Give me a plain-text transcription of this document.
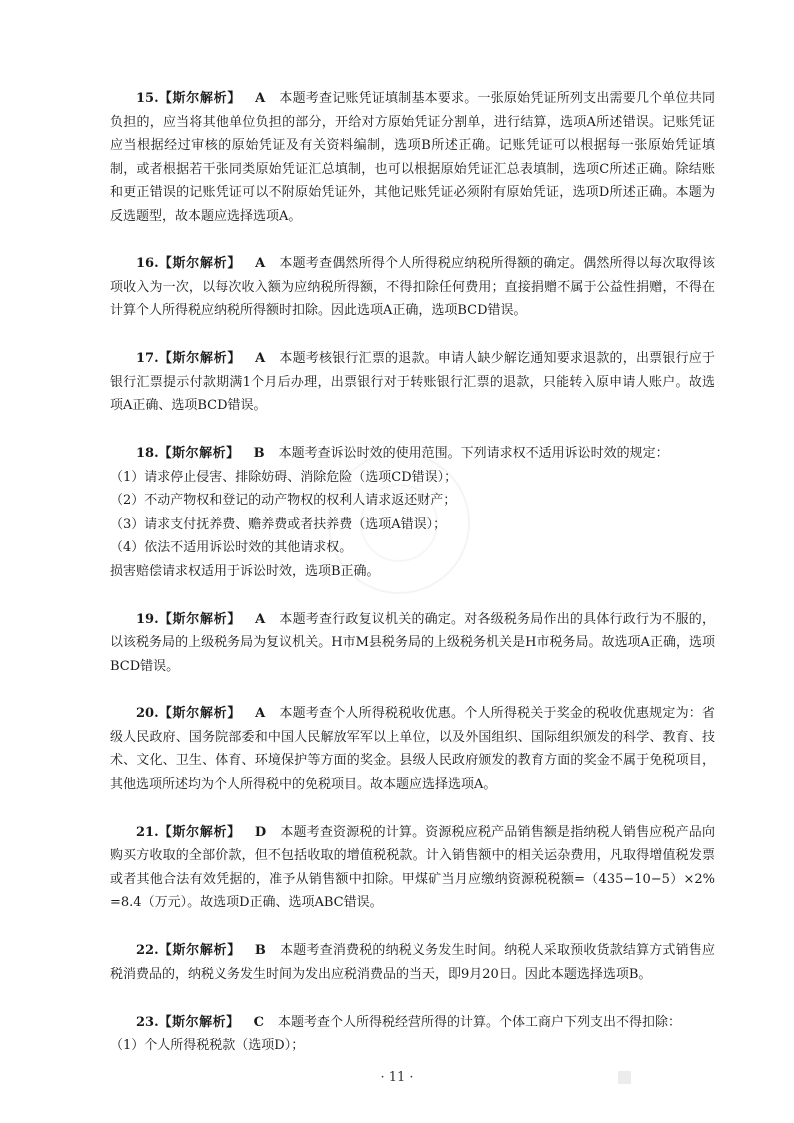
15.【斯尔解析】 A 本题考查记账凭证填制基本要求。一张原始凭证所列支出需要几个单位共同负担的，应当将其他单位负担的部分，开给对方原始凭证分割单，进行结算，选项A所述错误。记账凭证应当根据经过审核的原始凭证及有关资料编制，选项B所述正确。记账凭证可以根据每一张原始凭证填制，或者根据若干张同类原始凭证汇总填制，也可以根据原始凭证汇总表填制，选项C所述正确。除结账和更正错误的记账凭证可以不附原始凭证外，其他记账凭证必须附有原始凭证，选项D所述正确。本题为反选题型，故本题应选择选项A。

16.【斯尔解析】 A 本题考查偶然所得个人所得税应纳税所得额的确定。偶然所得以每次取得该项收入为一次，以每次收入额为应纳税所得额，不得扣除任何费用；直接捐赠不属于公益性捐赠，不得在计算个人所得税应纳税所得额时扣除。因此选项A正确，选项BCD错误。

17.【斯尔解析】 A 本题考核银行汇票的退款。申请人缺少解讫通知要求退款的，出票银行应于银行汇票提示付款期满1个月后办理，出票银行对于转账银行汇票的退款，只能转入原申请人账户。故选项A正确、选项BCD错误。

18.【斯尔解析】 B 本题考查诉讼时效的使用范围。下列请求权不适用诉讼时效的规定：

（1）请求停止侵害、排除妨碍、消除危险（选项CD错误）；

（2）不动产物权和登记的动产物权的权利人请求返还财产；

（3）请求支付抚养费、赡养费或者扶养费（选项A错误）；

（4）依法不适用诉讼时效的其他请求权。

损害赔偿请求权适用于诉讼时效，选项B正确。

19.【斯尔解析】 A 本题考查行政复议机关的确定。对各级税务局作出的具体行政行为不服的，以该税务局的上级税务局为复议机关。H市M县税务局的上级税务机关是H市税务局。故选项A正确，选项BCD错误。

20.【斯尔解析】 A 本题考查个人所得税税收优惠。个人所得税关于奖金的税收优惠规定为：省级人民政府、国务院部委和中国人民解放军军以上单位，以及外国组织、国际组织颁发的科学、教育、技术、文化、卫生、体育、环境保护等方面的奖金。县级人民政府颁发的教育方面的奖金不属于免税项目，其他选项所述均为个人所得税中的免税项目。故本题应选择选项A。

21.【斯尔解析】 D 本题考查资源税的计算。资源税应税产品销售额是指纳税人销售应税产品向购买方收取的全部价款，但不包括收取的增值税税款。计入销售额中的相关运杂费用，凡取得增值税发票或者其他合法有效凭据的，准予从销售额中扣除。甲煤矿当月应缴纳资源税税额=（435−10−5）×2%=8.4（万元）。故选项D正确、选项ABC错误。

22.【斯尔解析】 B 本题考查消费税的纳税义务发生时间。纳税人采取预收货款结算方式销售应税消费品的，纳税义务发生时间为发出应税消费品的当天，即9月20日。因此本题选择选项B。

23.【斯尔解析】 C 本题考查个人所得税经营所得的计算。个体工商户下列支出不得扣除：

（1）个人所得税税款（选项D）；

· 11 ·
